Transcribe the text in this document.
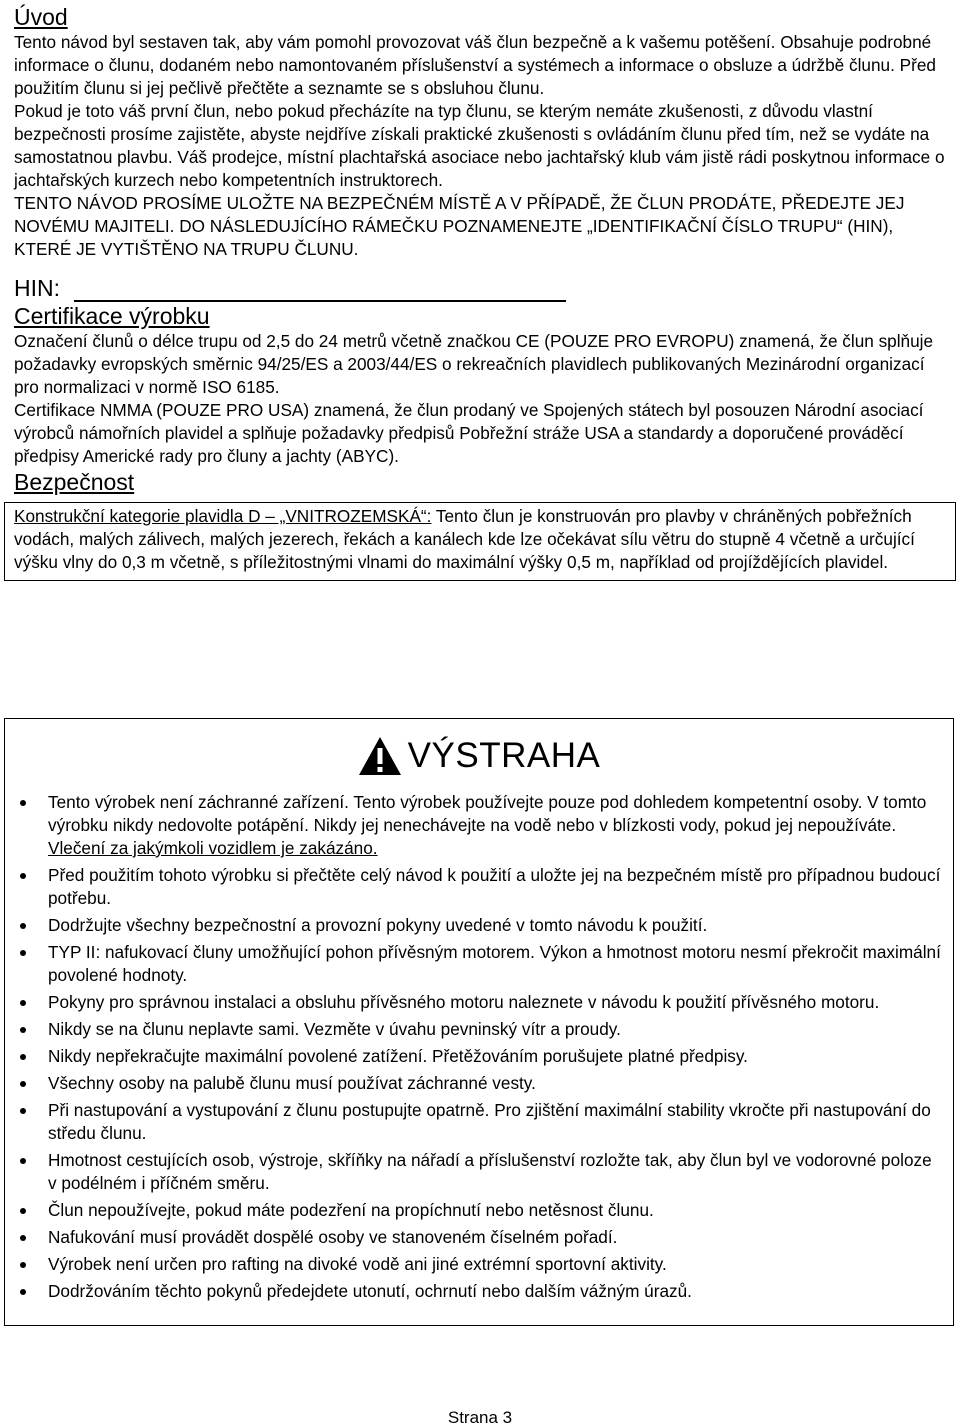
Úvod

Tento návod byl sestaven tak, aby vám pomohl provozovat váš člun bezpečně a k vašemu potěšení. Obsahuje podrobné informace o člunu, dodaném nebo namontovaném příslušenství a systémech a informace o obsluze a údržbě člunu. Před použitím člunu si jej pečlivě přečtěte a seznamte se s obsluhou člunu.

Pokud je toto váš první člun, nebo pokud přecházíte na typ člunu, se kterým nemáte zkušenosti, z důvodu vlastní bezpečnosti prosíme zajistěte, abyste nejdříve získali praktické zkušenosti s ovládáním člunu před tím, než se vydáte na samostatnou plavbu. Váš prodejce, místní plachtařská asociace nebo jachtařský klub vám jistě rádi poskytnou informace o jachtařských kurzech nebo kompetentních instruktorech.

TENTO NÁVOD PROSÍME ULOŽTE NA BEZPEČNÉM MÍSTĚ A V PŘÍPADĚ, ŽE ČLUN PRODÁTE, PŘEDEJTE JEJ NOVÉMU MAJITELI. DO NÁSLEDUJÍCÍHO RÁMEČKU POZNAMENEJTE „IDENTIFIKAČNÍ ČÍSLO TRUPU“ (HIN), KTERÉ JE VYTIŠTĚNO NA TRUPU ČLUNU.

HIN:
Certifikace výrobku

Označení člunů o délce trupu od 2,5 do 24 metrů včetně značkou CE (POUZE PRO EVROPU) znamená, že člun splňuje požadavky evropských směrnic 94/25/ES a 2003/44/ES o rekreačních plavidlech publikovaných Mezinárodní organizací pro normalizaci v normě ISO 6185.

Certifikace NMMA (POUZE PRO USA) znamená, že člun prodaný ve Spojených státech byl posouzen Národní asociací výrobců námořních plavidel a splňuje požadavky předpisů Pobřežní stráže USA a standardy a doporučené prováděcí předpisy Americké rady pro čluny a jachty (ABYC).

Bezpečnost

Konstrukční kategorie plavidla D – „VNITROZEMSKÁ“: Tento člun je konstruován pro plavby v chráněných pobřežních vodách, malých zálivech, malých jezerech, řekách a kanálech kde lze očekávat sílu větru do stupně 4 včetně a určující výšku vlny do 0,3 m včetně, s příležitostnými vlnami do maximální výšky 0,5 m, například od projíždějících plavidel.

VÝSTRAHA
Tento výrobek není záchranné zařízení. Tento výrobek používejte pouze pod dohledem kompetentní osoby. V tomto výrobku nikdy nedovolte potápění. Nikdy jej nenechávejte na vodě nebo v blízkosti vody, pokud jej nepoužíváte. Vlečení za jakýmkoli vozidlem je zakázáno.
Před použitím tohoto výrobku si přečtěte celý návod k použití a uložte jej na bezpečném místě pro případnou budoucí potřebu.
Dodržujte všechny bezpečnostní a provozní pokyny uvedené v tomto návodu k použití.
TYP II: nafukovací čluny umožňující pohon přívěsným motorem. Výkon a hmotnost motoru nesmí překročit maximální povolené hodnoty.
Pokyny pro správnou instalaci a obsluhu přívěsného motoru naleznete v návodu k použití přívěsného motoru.
Nikdy se na člunu neplavte sami. Vezměte v úvahu pevninský vítr a proudy.
Nikdy nepřekračujte maximální povolené zatížení. Přetěžováním porušujete platné předpisy.
Všechny osoby na palubě člunu musí používat záchranné vesty.
Při nastupování a vystupování z člunu postupujte opatrně. Pro zjištění maximální stability vkročte při nastupování do středu člunu.
Hmotnost cestujících osob, výstroje, skříňky na nářadí a příslušenství rozložte tak, aby člun byl ve vodorovné poloze v podélném i příčném směru.
Člun nepoužívejte, pokud máte podezření na propíchnutí nebo netěsnost člunu.
Nafukování musí provádět dospělé osoby ve stanoveném číselném pořadí.
Výrobek není určen pro rafting na divoké vodě ani jiné extrémní sportovní aktivity.
Dodržováním těchto pokynů předejdete utonutí, ochrnutí nebo dalším vážným úrazů.
Strana 3
